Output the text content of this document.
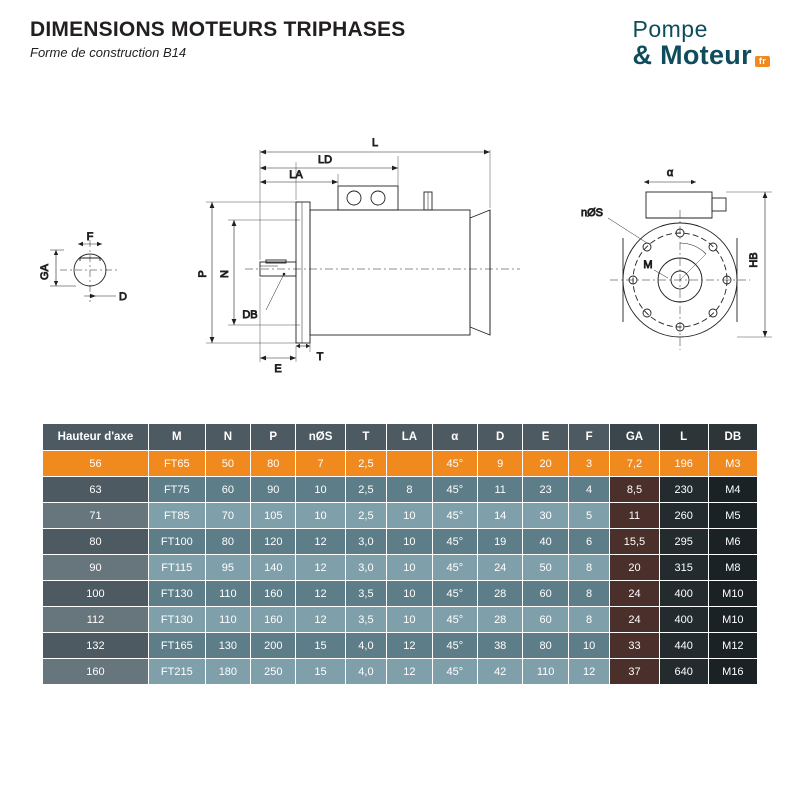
DIMENSIONS MOTEURS TRIPHASES
Forme de construction B14
Pompe
& Moteur fr
GA
F
D
L
LD
LA
P N
DB
E
T
α
nØS
M	HB
Hauteur d'axe	M	N	P	nØS	T	LA	α	D	E	F	GA	L	DB
56	FT65	50	80	7	2,5		45°	9	20	3	7,2	196	M3
63	FT75	60	90	10	2,5	8	45°	11	23	4	8,5	230	M4
71	FT85	70	105	10	2,5	10	45°	14	30	5	11	260	M5
80	FT100	80	120	12	3,0	10	45°	19	40	6	15,5	295	M6
90	FT115	95	140	12	3,0	10	45°	24	50	8	20	315	M8
100	FT130	110	160	12	3,5	10	45°	28	60	8	24	400	M10
112	FT130	110	160	12	3,5	10	45°	28	60	8	24	400	M10
132	FT165	130	200	15	4,0	12	45°	38	80	10	33	440	M12
160	FT215	180	250	15	4,0	12	45°	42	110	12	37	640	M16
